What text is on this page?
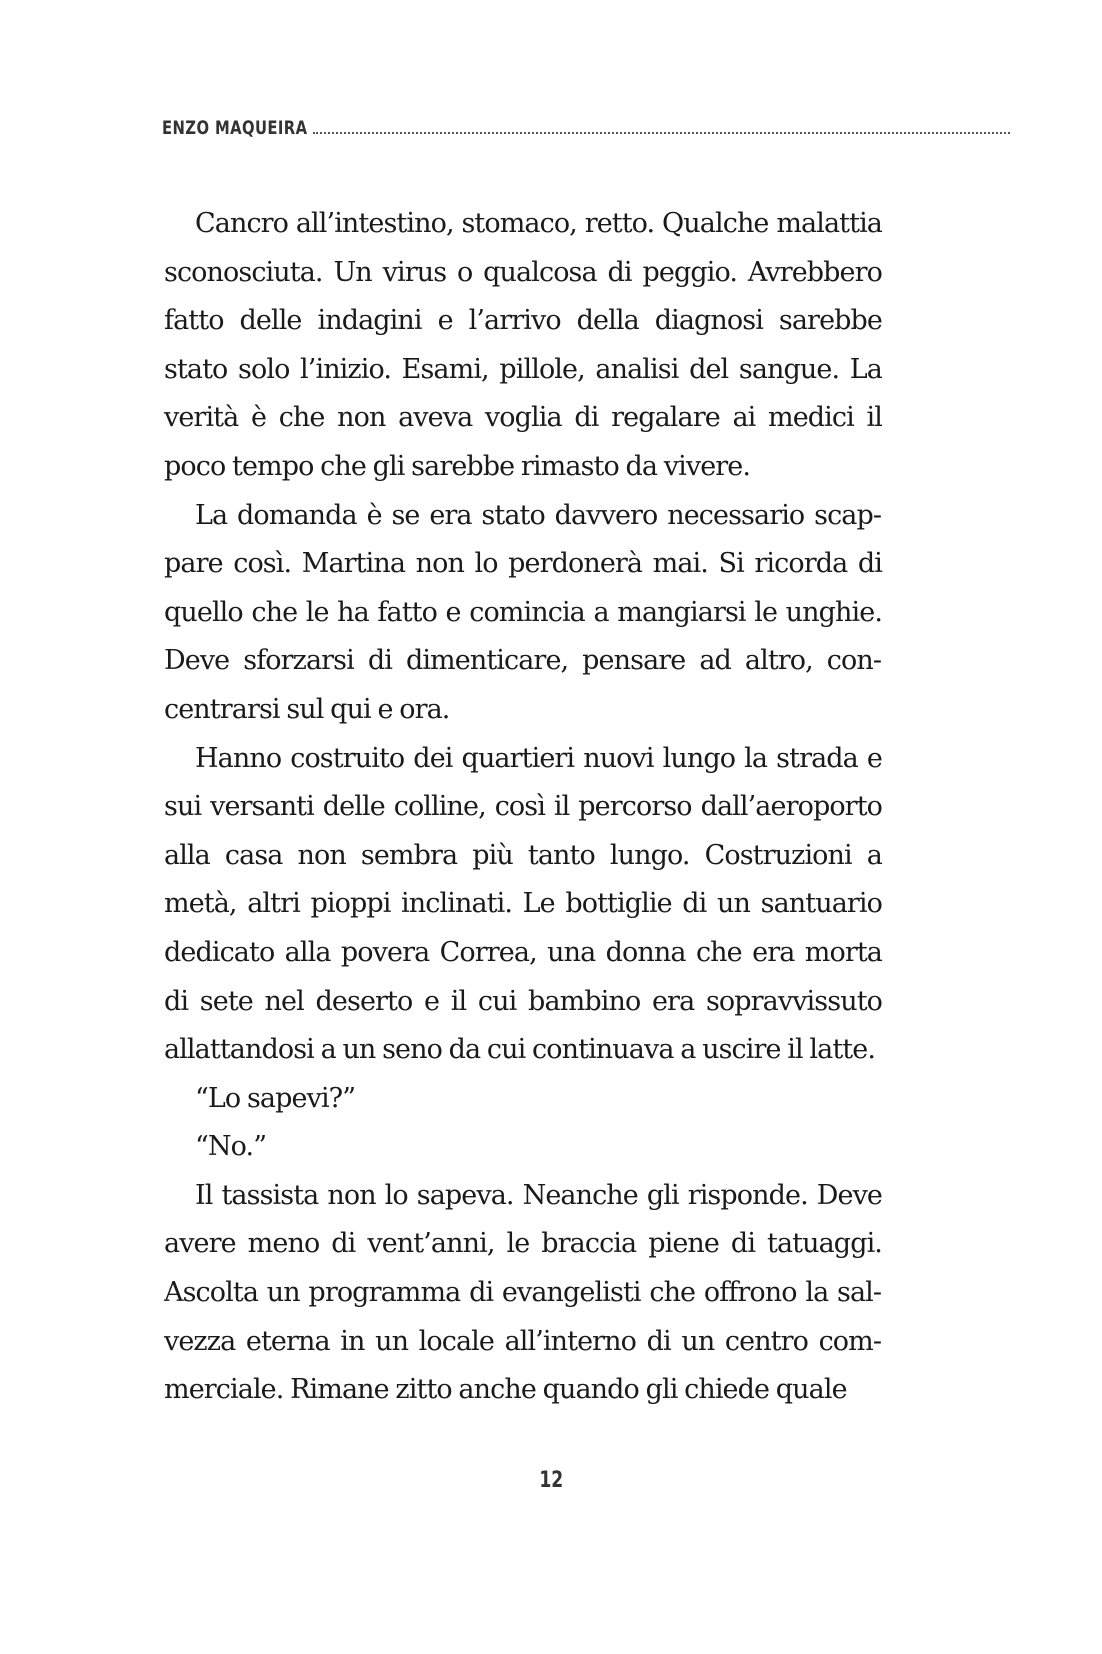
ENZO MAQUEIRA

Cancro all’intestino, stomaco, retto. Qualche malattia sconosciuta. Un virus o qualcosa di peggio. Avrebbero fatto delle indagini e l’arrivo della diagnosi sarebbe stato solo l’inizio. Esami, pillole, analisi del sangue. La verità è che non aveva voglia di regalare ai medici il poco tempo che gli sarebbe rimasto da vivere.

La domanda è se era stato davvero necessario scappare così. Martina non lo perdonerà mai. Si ricorda di quello che le ha fatto e comincia a mangiarsi le unghie. Deve sforzarsi di dimenticare, pensare ad altro, concentrarsi sul qui e ora.

Hanno costruito dei quartieri nuovi lungo la strada e sui versanti delle colline, così il percorso dall’aeroporto alla casa non sembra più tanto lungo. Costruzioni a metà, altri pioppi inclinati. Le bottiglie di un santuario dedicato alla povera Correa, una donna che era morta di sete nel deserto e il cui bambino era sopravvissuto allattandosi a un seno da cui continuava a uscire il latte.

“Lo sapevi?”

“No.”

Il tassista non lo sapeva. Neanche gli risponde. Deve avere meno di vent’anni, le braccia piene di tatuaggi. Ascolta un programma di evangelisti che offrono la salvezza eterna in un locale all’interno di un centro commerciale. Rimane zitto anche quando gli chiede quale

12
